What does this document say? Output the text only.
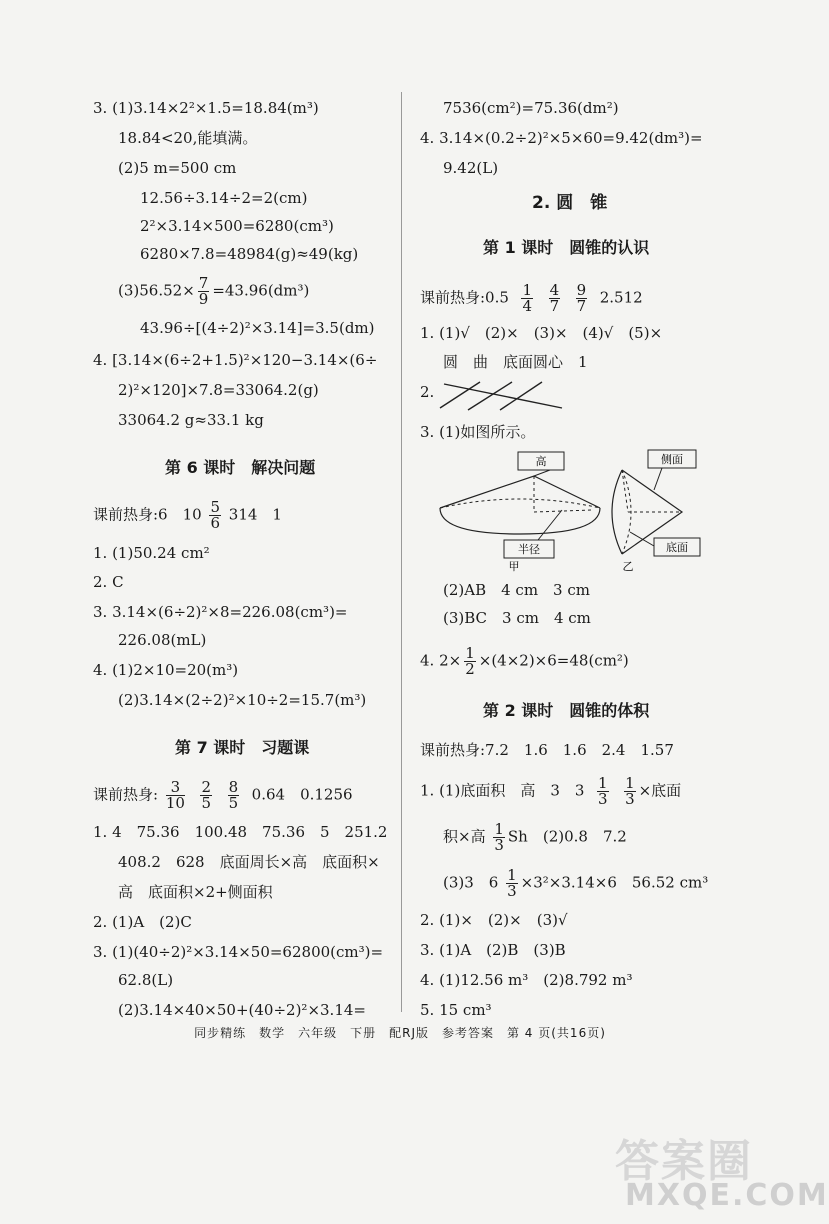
3. (1)3.14×2²×1.5=18.84(m³)
18.84<20,能填满。
(2)5 m=500 cm
12.56÷3.14÷2=2(cm)
2²×3.14×500=6280(cm³)
6280×7.8=48984(g)≈49(kg)
$(3)56.52\times \frac{7}{9} =43.96(dm^3)$
43.96÷[(4÷2)²×3.14]=3.5(dm)
4. [3.14×(6÷2+1.5)²×120−3.14×(6÷
2)²×120]×7.8=33064.2(g)
33064.2 g≈33.1 kg
第 6 课时　解决问题
课前热身:6　$10 \frac{5}{6} 314$　1
1. (1)50.24 cm²
2. C
3. 3.14×(6÷2)²×8=226.08(cm³)=
226.08(mL)
4. (1)2×10=20(m³)
(2)3.14×(2÷2)²×10÷2=15.7(m³)
第 7 课时　习题课
课前热身: $\frac{3}{10}$
$\frac{2}{5}$
$\frac{8}{5} 0.64$　0.1256
1. 4　75.36　100.48　75.36　5　251.2
408.2　628　底面周长×高　底面积×
高　底面积×2+侧面积
2. (1)A　(2)C
3. (1)(40÷2)²×3.14×50=62800(cm³)=
62.8(L)
(2)3.14×40×50+(40÷2)²×3.14=
7536(cm²)=75.36(dm²)
4. 3.14×(0.2÷2)²×5×60=9.42(dm³)=
9.42(L)
2. 圆　锥
第 1 课时　圆锥的认识
课前热身:0.5 $\frac{1}{4}$
$\frac{4}{7}$
$\frac{9}{7} 2.512$
1. (1)√　(2)×　(3)×　(4)√　(5)×
圆　曲　底面圆心　1
2.
3. (1)如图所示。
高
半径
甲
侧面
底面
乙
(2)AB　4 cm　3 cm
(3)BC　3 cm　4 cm
4. $2\times \frac{1}{2} \times(4\times 2)\times 6=48(cm^2)$
第 2 课时　圆锥的体积
课前热身:7.2　1.6　1.6　2.4　1.57
1. (1)底面积　高　3　$3 \frac{1}{3}$
$\frac{1}{3}$ ×底面
积×高 $\frac{1}{3}$ Sh　(2)0.8　7.2
(3)3　$6 \frac{1}{3} \times 3^2\times 3.14\times 6$　56.52 cm³
2. (1)×　(2)×　(3)√
3. (1)A　(2)B　(3)B
4. (1)12.56 m³　(2)8.792 m³
5. 15 cm³
同步精练　数学　六年级　下册　配RJ版　参考答案　第 4 页(共16页)
答案圈
MXQE.COM
